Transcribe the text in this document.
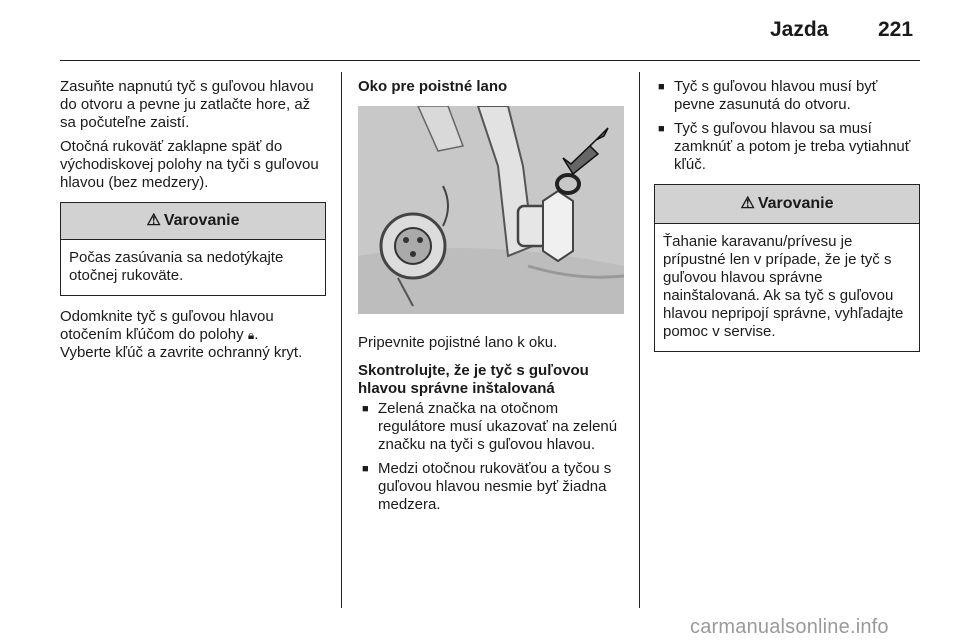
Jazda 221

Zasuňte napnutú tyč s guľovou hlavou do otvoru a pevne ju zatlačte hore, až sa počuteľne zaistí.

Otočná rukoväť zaklapne späť do východiskovej polohy na tyči s guľovou hlavou (bez medzery).

⚠ Varovanie
Počas zasúvania sa nedotýkajte otočnej rukoväte.

Odomknite tyč s guľovou hlavou otočením kľúčom do polohy 🔒︎.
Vyberte kľúč a zavrite ochranný kryt.

Oko pre poistné lano

Pripevnite pojistné lano k oku.

Skontrolujte, že je tyč s guľovou hlavou správne inštalovaná

■ Zelená značka na otočnom regulátore musí ukazovať na zelenú značku na tyči s guľovou hlavou.
■ Medzi otočnou rukoväťou a tyčou s guľovou hlavou nesmie byť žiadna medzera.
■ Tyč s guľovou hlavou musí byť pevne zasunutá do otvoru.
■ Tyč s guľovou hlavou sa musí zamknúť a potom je treba vytiahnuť kľúč.
⚠ Varovanie
Ťahanie karavanu/prívesu je prípustné len v prípade, že je tyč s guľovou hlavou správne nainštalovaná. Ak sa tyč s guľovou hlavou nepripojí správne, vyhľadajte pomoc v servise.
carmanualsonline.info
